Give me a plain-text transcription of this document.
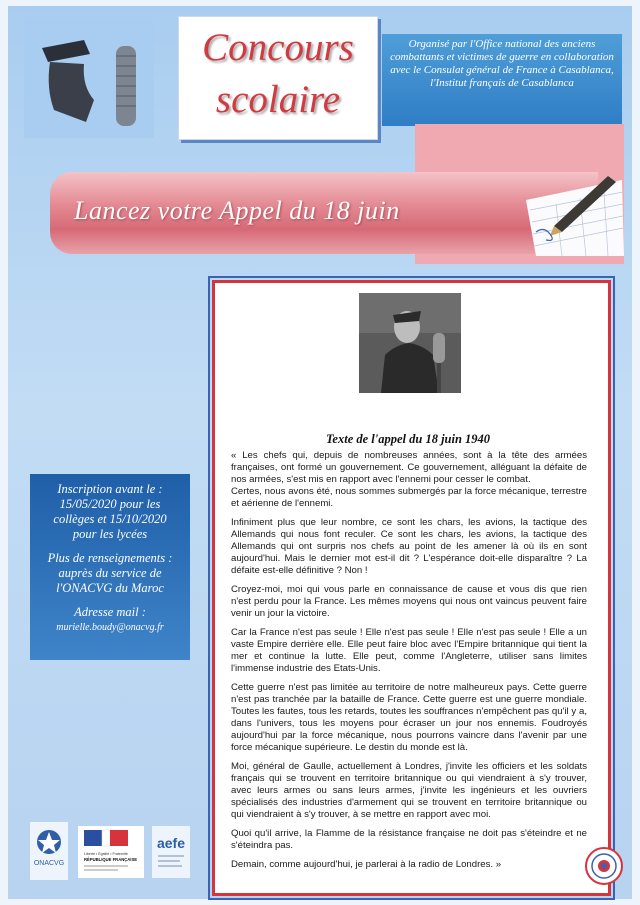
Concours
scolaire
Organisé par l'Office national des anciens combattants et victimes de guerre en collaboration avec le Consulat général de France à Casablanca, l'Institut français de Casablanca
Lancez votre Appel du 18 juin
Texte de l'appel du 18 juin 1940

« Les chefs qui, depuis de nombreuses années, sont à la tête des armées françaises, ont formé un gouvernement. Ce gouvernement, alléguant la défaite de nos armées, s'est mis en rapport avec l'ennemi pour cesser le combat.

Certes, nous avons été, nous sommes submergés par la force mécanique, terrestre et aérienne de l'ennemi.

Infiniment plus que leur nombre, ce sont les chars, les avions, la tactique des Allemands qui nous font reculer. Ce sont les chars, les avions, la tactique des Allemands qui ont surpris nos chefs au point de les amener là où ils en sont aujourd'hui. Mais le dernier mot est-il dit ? L'espérance doit-elle disparaître ? La défaite est-elle définitive ? Non !

Croyez-moi, moi qui vous parle en connaissance de cause et vous dis que rien n'est perdu pour la France. Les mêmes moyens qui nous ont vaincus peuvent faire venir un jour la victoire.

Car la France n'est pas seule ! Elle n'est pas seule ! Elle n'est pas seule ! Elle a un vaste Empire derrière elle. Elle peut faire bloc avec l'Empire britannique qui tient la mer et continue la lutte. Elle peut, comme l'Angleterre, utiliser sans limites l'immense industrie des Etats-Unis.

Cette guerre n'est pas limitée au territoire de notre malheureux pays. Cette guerre n'est pas tranchée par la bataille de France. Cette guerre est une guerre mondiale. Toutes les fautes, tous les retards, toutes les souffrances n'empêchent pas qu'il y a, dans l'univers, tous les moyens pour écraser un jour nos ennemis. Foudroyés aujourd'hui par la force mécanique, nous pourrons vaincre dans l'avenir par une force mécanique supérieure. Le destin du monde est là.

Moi, général de Gaulle, actuellement à Londres, j'invite les officiers et les soldats français qui se trouvent en territoire britannique ou qui viendraient à s'y trouver, avec leurs armes ou sans leurs armes, j'invite les ingénieurs et les ouvriers spécialisés des industries d'armement qui se trouvent en territoire britannique ou qui viendraient à s'y trouver, à se mettre en rapport avec moi.

Quoi qu'il arrive, la Flamme de la résistance française ne doit pas s'éteindre et ne s'éteindra pas.

Demain, comme aujourd'hui, je parlerai à la radio de Londres. »

Inscription avant le :
15/05/2020 pour les
collèges et 15/10/2020
pour les lycées
Plus de renseignements :
auprès du service de
l'ONACVG du Maroc
Adresse mail :
murielle.boudy@onacvg.fr
ONACVG
Liberté • Égalité • Fraternité
RÉPUBLIQUE FRANÇAISE
aefe
